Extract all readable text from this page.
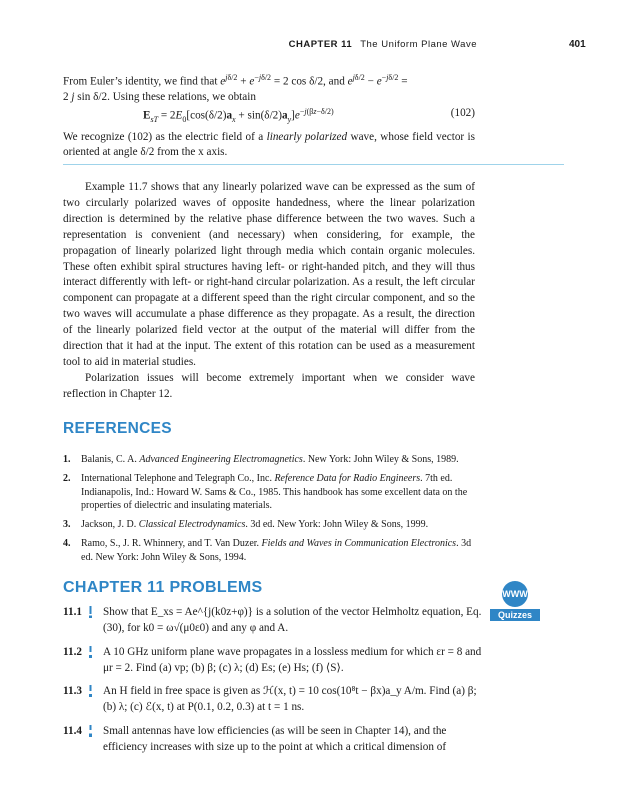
CHAPTER 11 The Uniform Plane Wave	401
From Euler’s identity, we find that $e^{j\delta/2} + e^{-j\delta/2} = 2$ cos δ/2, and $e^{j\delta/2} - e^{-j\delta/2}$ =
2 j sin δ/2. Using these relations, we obtain
$E_{sT} = 2E_0[\cos(\delta/2)a_x + \sin(\delta/2)a_y]e^{-j(\beta z-\delta/2)}$	(102)
We recognize (102) as the electric field of a linearly polarized wave, whose field vector is oriented at angle δ/2 from the x axis.
Example 11.7 shows that any linearly polarized wave can be expressed as the sum of two circularly polarized waves of opposite handedness, where the linear polarization direction is determined by the relative phase difference between the two waves. Such a representation is convenient (and necessary) when considering, for example, the propagation of linearly polarized light through media which contain organic molecules. These often exhibit spiral structures having left- or right-handed pitch, and they will thus interact differently with left- or right-hand circular polarization. As a result, the left circular component can propagate at a different speed than the right circular component, and so the two waves will accumulate a phase difference as they propagate. As a result, the direction of the linearly polarized field vector at the output of the material will differ from the direction that it had at the input. The extent of this rotation can be used as a measurement tool to aid in material studies.
Polarization issues will become extremely important when we consider wave reflection in Chapter 12.
REFERENCES
1. Balanis, C. A. Advanced Engineering Electromagnetics. New York: John Wiley & Sons, 1989.
2. International Telephone and Telegraph Co., Inc. Reference Data for Radio Engineers. 7th ed. Indianapolis, Ind.: Howard W. Sams & Co., 1985. This handbook has some excellent data on the properties of dielectric and insulating materials.
3. Jackson, J. D. Classical Electrodynamics. 3d ed. New York: John Wiley & Sons, 1999.
4. Ramo, S., J. R. Whinnery, and T. Van Duzer. Fields and Waves in Communication Electronics. 3d ed. New York: John Wiley & Sons, 1994.
CHAPTER 11 PROBLEMS	WWW
Quizzes
11.1 Show that E_xs = Ae^{j(k0z+φ)} is a solution of the vector Helmholtz equation, Eq. (30), for k0 = ω√(μ0ε0) and any φ and A.
11.2 A 10 GHz uniform plane wave propagates in a lossless medium for which εr = 8 and μr = 2. Find (a) vp; (b) β; (c) λ; (d) Es; (e) Hs; (f) ⟨S⟩.
11.3 An H field in free space is given as ℋ(x, t) = 10 cos(10⁸t − βx)a_y A/m. Find (a) β; (b) λ; (c) ℰ(x, t) at P(0.1, 0.2, 0.3) at t = 1 ns.
11.4 Small antennas have low efficiencies (as will be seen in Chapter 14), and the efficiency increases with size up to the point at which a critical dimension of
